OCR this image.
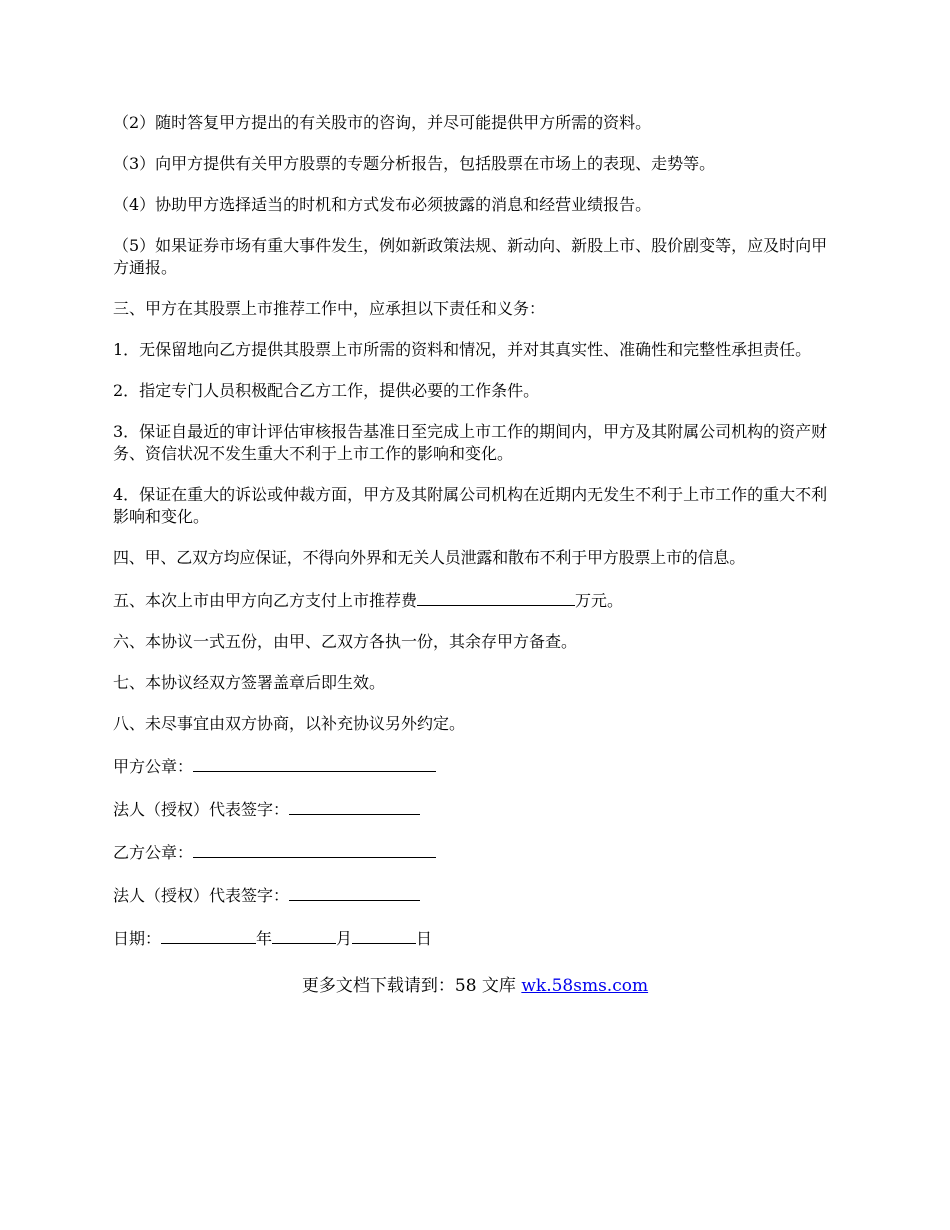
（2）随时答复甲方提出的有关股市的咨询，并尽可能提供甲方所需的资料。

（3）向甲方提供有关甲方股票的专题分析报告，包括股票在市场上的表现、走势等。

（4）协助甲方选择适当的时机和方式发布必须披露的消息和经营业绩报告。

（5）如果证券市场有重大事件发生，例如新政策法规、新动向、新股上市、股价剧变等，应及时向甲方通报。

三、甲方在其股票上市推荐工作中，应承担以下责任和义务：

1．无保留地向乙方提供其股票上市所需的资料和情况，并对其真实性、准确性和完整性承担责任。

2．指定专门人员积极配合乙方工作，提供必要的工作条件。

3．保证自最近的审计评估审核报告基准日至完成上市工作的期间内，甲方及其附属公司机构的资产财务、资信状况不发生重大不利于上市工作的影响和变化。

4．保证在重大的诉讼或仲裁方面，甲方及其附属公司机构在近期内无发生不利于上市工作的重大不利影响和变化。

四、甲、乙双方均应保证，不得向外界和无关人员泄露和散布不利于甲方股票上市的信息。

五、本次上市由甲方向乙方支付上市推荐费	万元。

六、本协议一式五份，由甲、乙双方各执一份，其余存甲方备查。

七、本协议经双方签署盖章后即生效。

八、未尽事宜由双方协商，以补充协议另外约定。

甲方公章：

法人（授权）代表签字：

乙方公章：

法人（授权）代表签字：

日期：	年	月	日

更多文档下载请到：58 文库 wk.58sms.com
